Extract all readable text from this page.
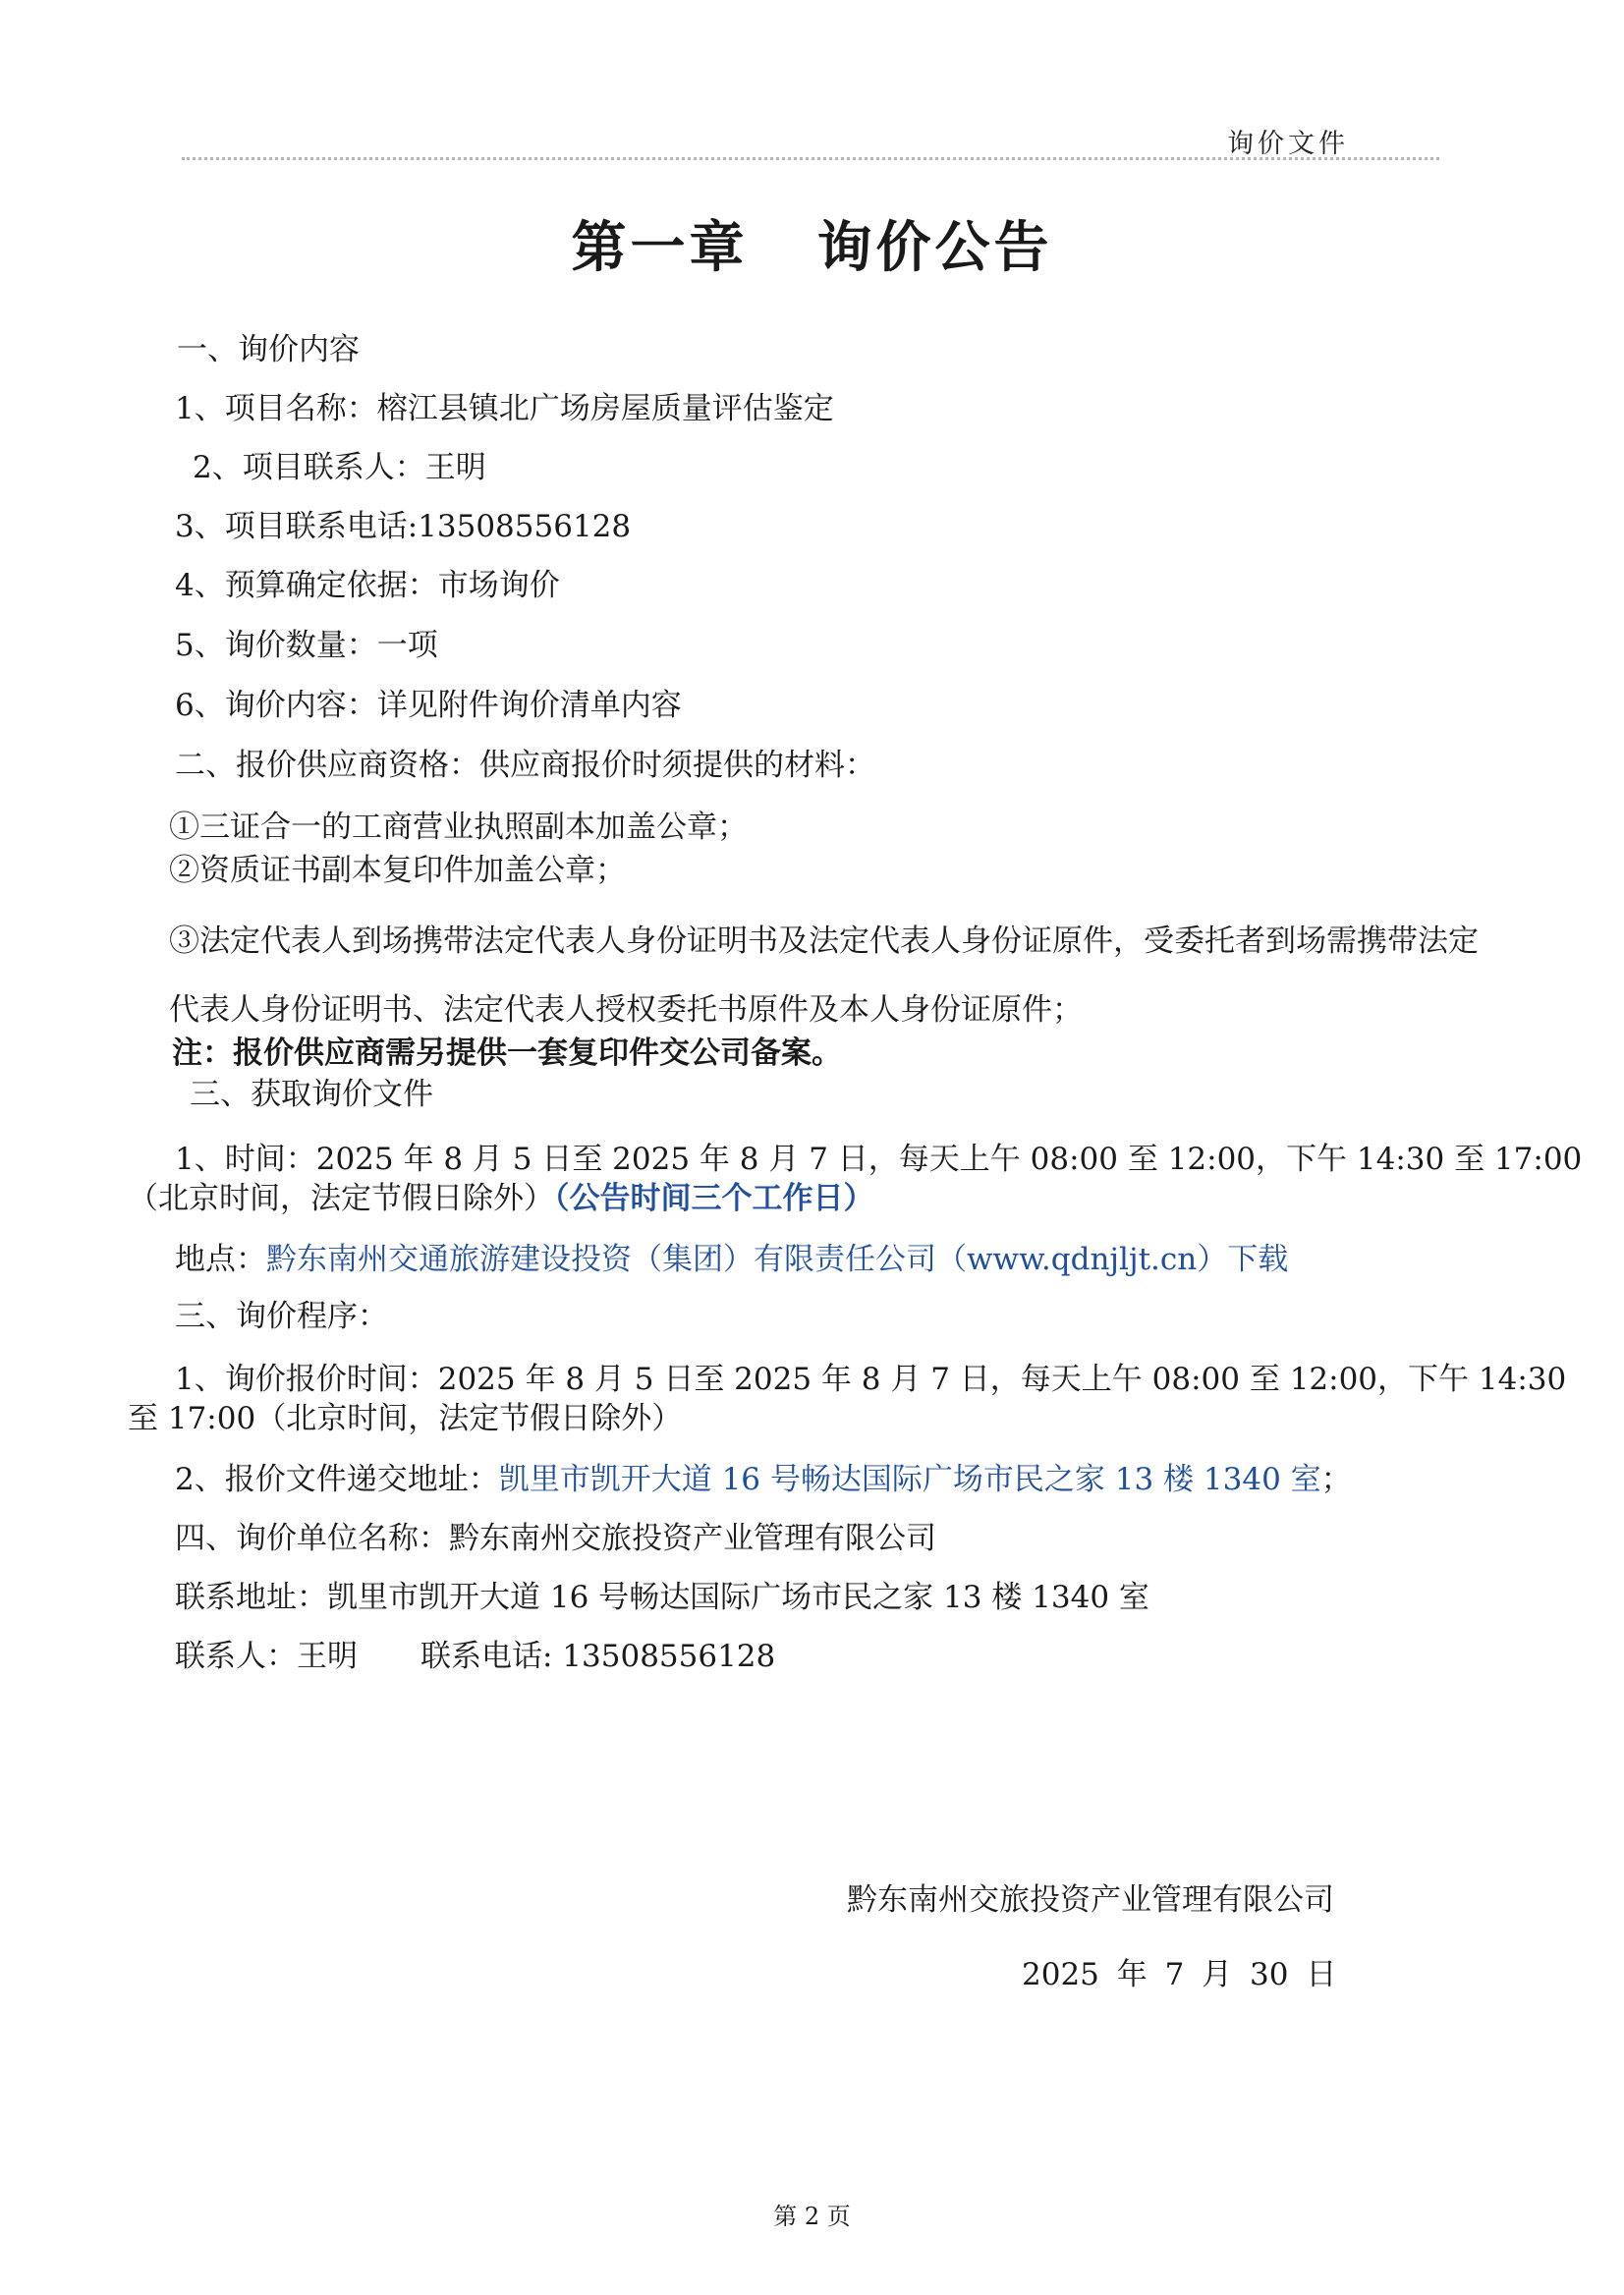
询价文件
第一章 询价公告
一、询价内容
1、项目名称：榕江县镇北广场房屋质量评估鉴定
2、项目联系人：王明
3、项目联系电话:13508556128
4、预算确定依据：市场询价
5、询价数量：一项
6、询价内容：详见附件询价清单内容
二、报价供应商资格：供应商报价时须提供的材料：
①三证合一的工商营业执照副本加盖公章；
②资质证书副本复印件加盖公章；
③法定代表人到场携带法定代表人身份证明书及法定代表人身份证原件，受委托者到场需携带法定
代表人身份证明书、法定代表人授权委托书原件及本人身份证原件；
注：报价供应商需另提供一套复印件交公司备案。
三、获取询价文件
1、时间：2025 年 8 月 5 日至 2025 年 8 月 7 日，每天上午 08:00 至 12:00，下午 14:30 至 17:00
（北京时间，法定节假日除外）（公告时间三个工作日）
地点：黔东南州交通旅游建设投资（集团）有限责任公司（www.qdnjljt.cn）下载
三、询价程序：
1、询价报价时间：2025 年 8 月 5 日至 2025 年 8 月 7 日，每天上午 08:00 至 12:00，下午 14:30
至 17:00（北京时间，法定节假日除外）
2、报价文件递交地址：凯里市凯开大道 16 号畅达国际广场市民之家 13 楼 1340 室；
四、询价单位名称：黔东南州交旅投资产业管理有限公司
联系地址：凯里市凯开大道 16 号畅达国际广场市民之家 13 楼 1340 室
联系人：王明 联系电话: 13508556128
黔东南州交旅投资产业管理有限公司
2025 年 7 月 30 日
第 2 页
